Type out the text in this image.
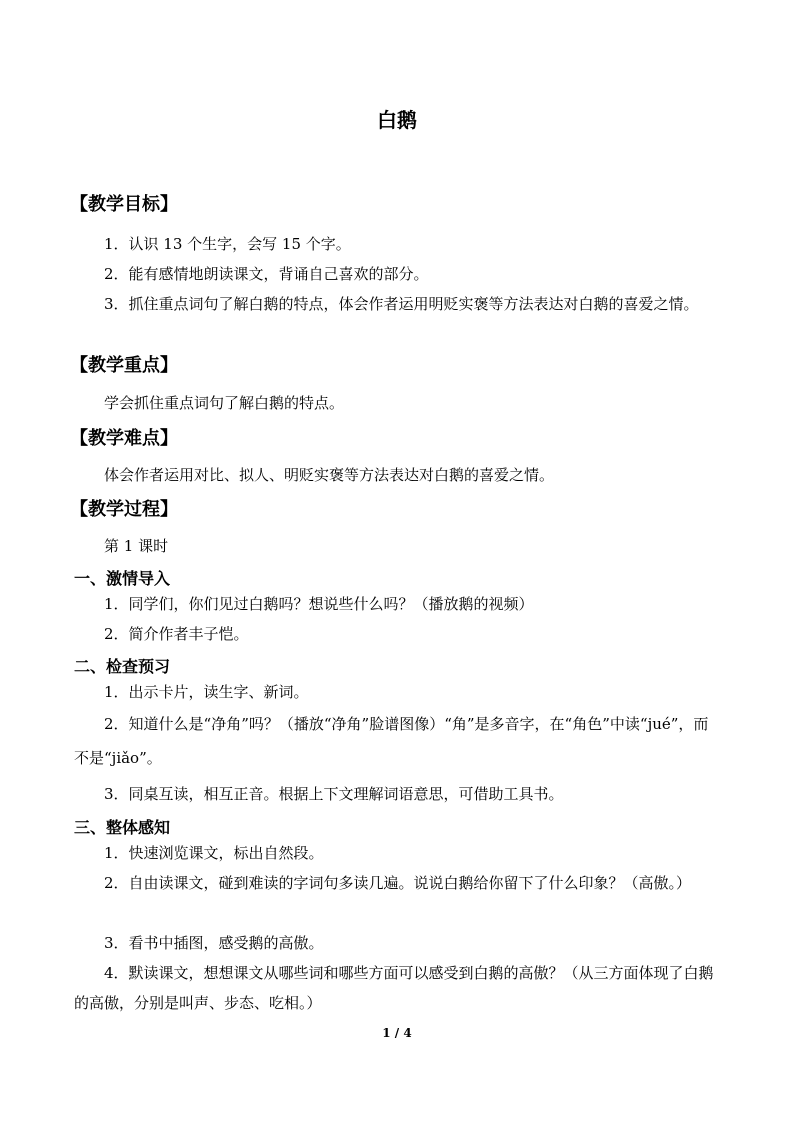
白鹅
【教学目标】
1．认识 13 个生字，会写 15 个字。
2．能有感情地朗读课文，背诵自己喜欢的部分。
3．抓住重点词句了解白鹅的特点，体会作者运用明贬实褒等方法表达对白鹅的喜爱之情。
【教学重点】
学会抓住重点词句了解白鹅的特点。
【教学难点】
体会作者运用对比、拟人、明贬实褒等方法表达对白鹅的喜爱之情。
【教学过程】
第 1 课时
一、激情导入
1．同学们，你们见过白鹅吗？想说些什么吗？（播放鹅的视频）
2．简介作者丰子恺。
二、检查预习
1．出示卡片，读生字、新词。
2．知道什么是“净角”吗？（播放“净角”脸谱图像）“角”是多音字，在“角色”中读“jué”，而不是“jiǎo”。
3．同桌互读，相互正音。根据上下文理解词语意思，可借助工具书。
三、整体感知
1．快速浏览课文，标出自然段。
2．自由读课文，碰到难读的字词句多读几遍。说说白鹅给你留下了什么印象？（高傲。）
3．看书中插图，感受鹅的高傲。
4．默读课文，想想课文从哪些词和哪些方面可以感受到白鹅的高傲？（从三方面体现了白鹅的高傲，分别是叫声、步态、吃相。）
1 / 4
